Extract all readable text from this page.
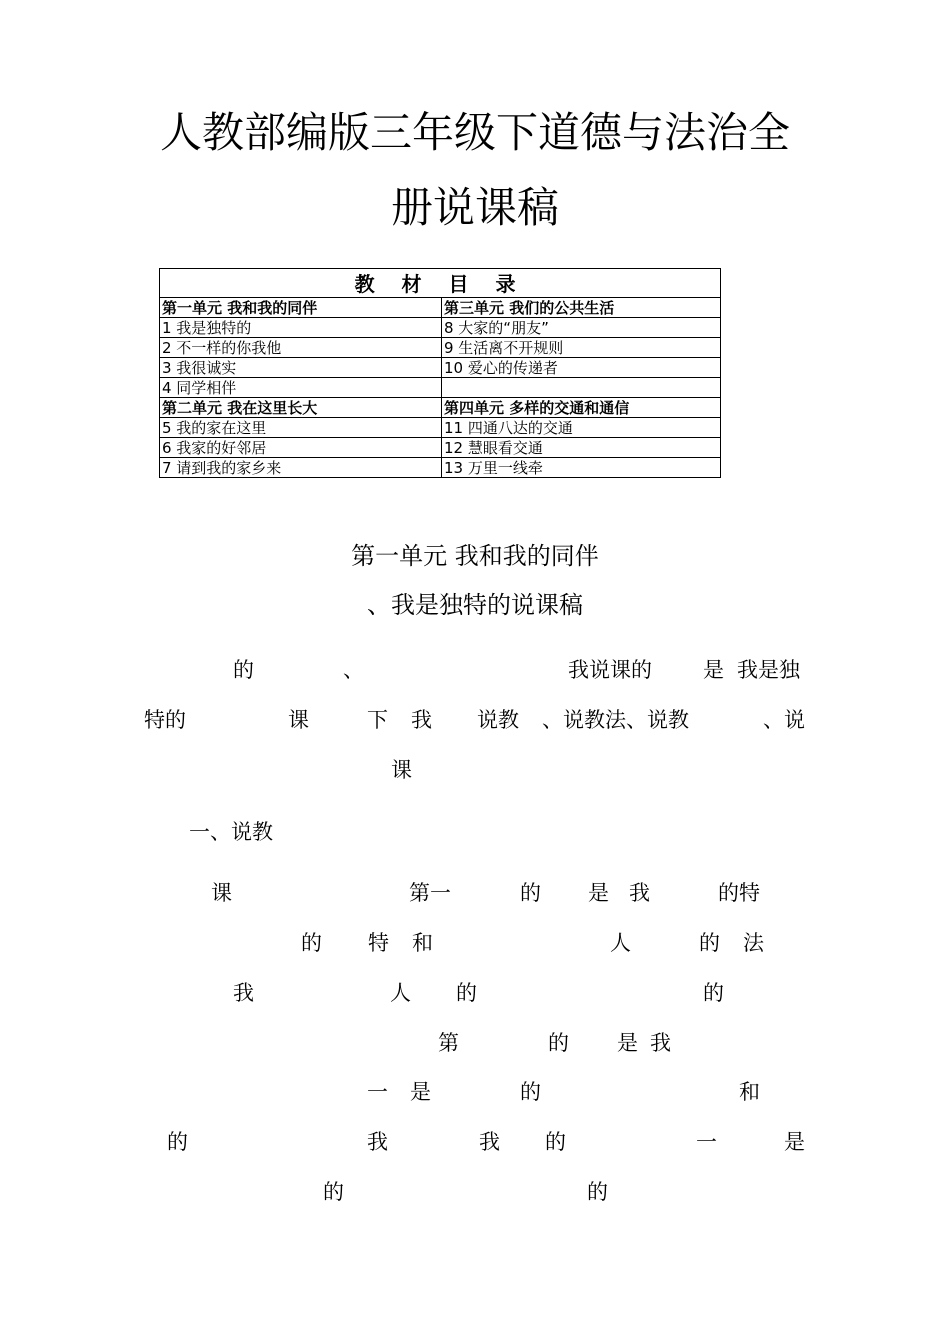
人教部编版三年级下道德与法治全
册说课稿
教 材 目 录	
第一单元 我和我的同伴	第三单元 我们的公共生活
1 我是独特的	8 大家的“朋友”
2 不一样的你我他	9 生活离不开规则
3 我很诚实	10 爱心的传递者
4 同学相伴	
第二单元 我在这里长大	第四单元 多样的交通和通信
5 我的家在这里	11 四通八达的交通
6 我家的好邻居	12 慧眼看交通
7 请到我的家乡来	13 万里一线牵
第一单元 我和我的同伴
、我是独特的说课稿
的	、	我说课的 是 我是独
特的	课	下 我 说教 、说教法、说教	、说
课
一、说教
课	第一	的 是 我	的特
的 特 和	人	的 法
我	人 的	的
第	的 是 我
一 是	的	和
的	我	我 的	一	是
的	的
